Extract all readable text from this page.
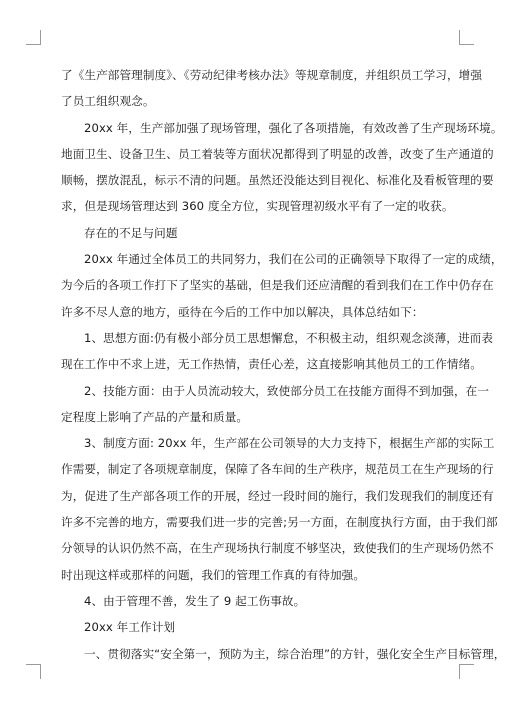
了《生产部管理制度》、《劳动纪律考核办法》等规章制度，并组织员工学习，增强
了员工组织观念。
20xx 年，生产部加强了现场管理，强化了各项措施，有效改善了生产现场环境。
地面卫生、设备卫生、员工着装等方面状况都得到了明显的改善，改变了生产通道的
顺畅，摆放混乱，标示不清的问题。虽然还没能达到目视化、标准化及看板管理的要
求，但是现场管理达到 360 度全方位，实现管理初级水平有了一定的收获。
存在的不足与问题
20xx 年通过全体员工的共同努力，我们在公司的正确领导下取得了一定的成绩，
为今后的各项工作打下了坚实的基础，但是我们还应清醒的看到我们在工作中仍存在
许多不尽人意的地方，亟待在今后的工作中加以解决，具体总结如下：
1、思想方面:仍有极小部分员工思想懈怠，不积极主动，组织观念淡薄，进而表
现在工作中不求上进，无工作热情，责任心差，这直接影响其他员工的工作情绪。
2、技能方面：由于人员流动较大，致使部分员工在技能方面得不到加强，在一
定程度上影响了产品的产量和质量。
3、制度方面: 20xx 年，生产部在公司领导的大力支持下，根据生产部的实际工
作需要，制定了各项规章制度，保障了各车间的生产秩序，规范员工在生产现场的行
为，促进了生产部各项工作的开展，经过一段时间的施行，我们发现我们的制度还有
许多不完善的地方，需要我们进一步的完善;另一方面，在制度执行方面，由于我们部
分领导的认识仍然不高，在生产现场执行制度不够坚决，致使我们的生产现场仍然不
时出现这样或那样的问题，我们的管理工作真的有待加强。
4、由于管理不善，发生了 9 起工伤事故。
20xx 年工作计划
一、贯彻落实“安全第一，预防为主，综合治理”的方针，强化安全生产目标管理，
